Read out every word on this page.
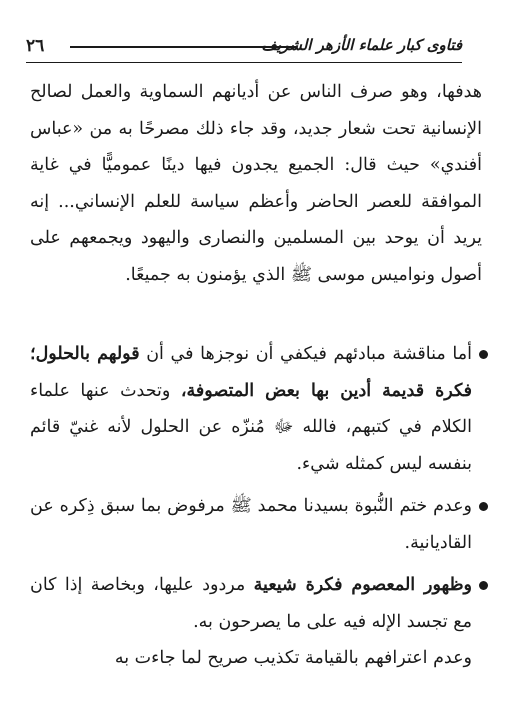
فتاوى كبار علماء الأزهر الشريف
٢٦
هدفها، وهو صرف الناس عن أديانهم السماوية والعمل لصالح الإنسانية تحت شعار جديد، وقد جاء ذلك مصرحًا به من «عباس أفندي» حيث قال: الجميع يجدون فيها دينًا عموميًّا في غاية الموافقة للعصر الحاضر وأعظم سياسة للعلم الإنساني... إنه يريد أن يوحد بين المسلمين والنصارى واليهود ويجمعهم على أصول ونواميس موسى ﷺ الذي يؤمنون به جميعًا.
أما مناقشة مبادئهم فيكفي أن نوجزها في أن قولهم بالحلول؛ فكرة قديمة أدين بها بعض المتصوفة، وتحدث عنها علماء الكلام في كتبهم، فالله ﷻ مُنزّه عن الحلول لأنه غنيّ قائم بنفسه ليس كمثله شيء.
وعدم ختم النُّبوة بسيدنا محمد ﷺ مرفوض بما سبق ذِكره عن القاديانية.
وظهور المعصوم فكرة شيعية مردود عليها، وبخاصة إذا كان مع تجسد الإله فيه على ما يصرحون به.
وعدم اعترافهم بالقيامة تكذيب صريح لما جاءت به
